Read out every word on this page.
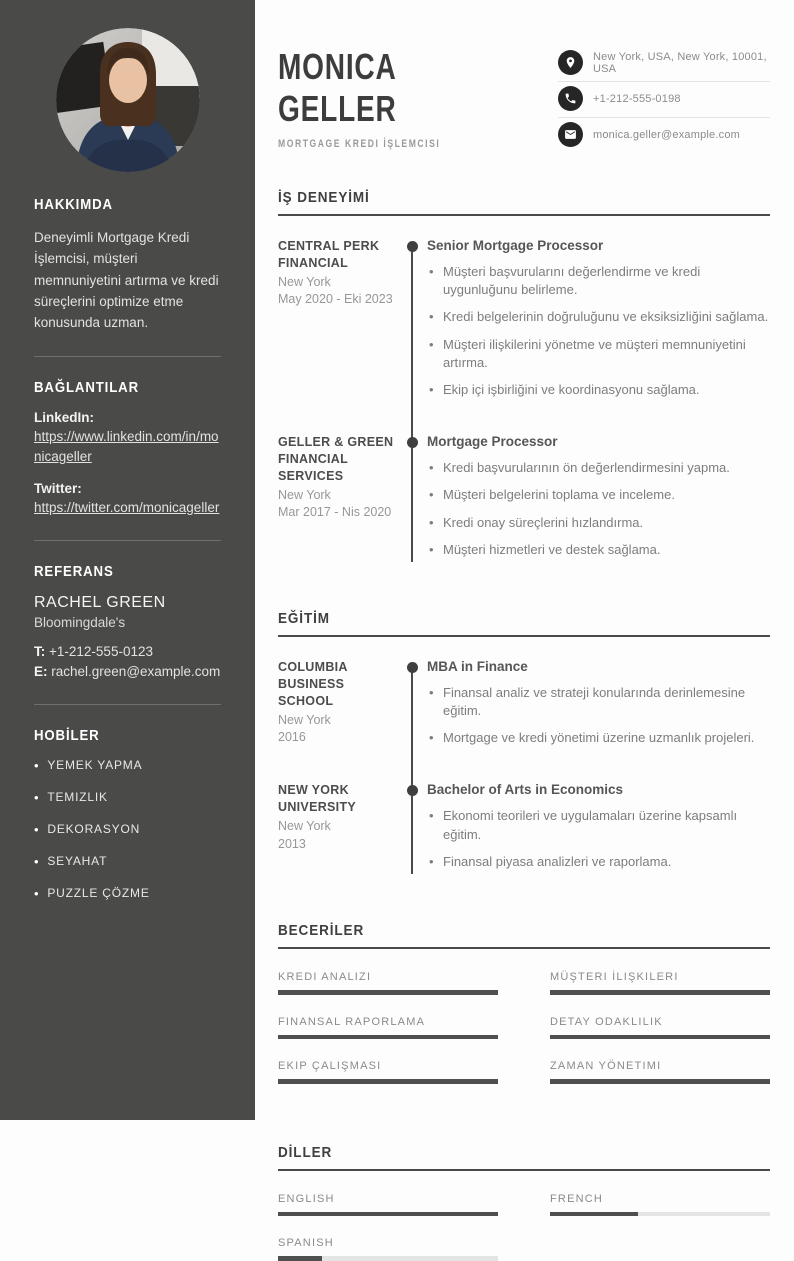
HAKKIMDA

Deneyimli Mortgage Kredi İşlemcisi, müşteri memnuniyetini artırma ve kredi süreçlerini optimize etme konusunda uzman.

BAĞLANTILAR
LinkedIn:
https://www.linkedin.com/in/monicageller
Twitter:
https://twitter.com/monicageller
REFERANS
RACHEL GREEN
Bloomingdale's
T: +1-212-555-0123
E: rachel.green@example.com
HOBİLER
• YEMEK YAPMA
• TEMIZLIK
• DEKORASYON
• SEYAHAT
• PUZZLE ÇÖZME
MONICA
GELLER
MORTGAGE KREDI İŞLEMCISI
New York, USA, New York, 10001, USA
+1-212-555-0198
monica.geller@example.com
İŞ DENEYİMİ
CENTRAL PERK FINANCIAL
New York
May 2020 - Eki 2023
Senior Mortgage Processor
• Müşteri başvurularını değerlendirme ve kredi uygunluğunu belirleme.
• Kredi belgelerinin doğruluğunu ve eksiksizliğini sağlama.
• Müşteri ilişkilerini yönetme ve müşteri memnuniyetini artırma.
• Ekip içi işbirliğini ve koordinasyonu sağlama.
GELLER & GREEN FINANCIAL SERVICES
New York
Mar 2017 - Nis 2020
Mortgage Processor
• Kredi başvurularının ön değerlendirmesini yapma.
• Müşteri belgelerini toplama ve inceleme.
• Kredi onay süreçlerini hızlandırma.
• Müşteri hizmetleri ve destek sağlama.
EĞİTİM
COLUMBIA BUSINESS SCHOOL
New York
2016
MBA in Finance
• Finansal analiz ve strateji konularında derinlemesine eğitim.
• Mortgage ve kredi yönetimi üzerine uzmanlık projeleri.
NEW YORK UNIVERSITY
New York
2013
Bachelor of Arts in Economics
• Ekonomi teorileri ve uygulamaları üzerine kapsamlı eğitim.
• Finansal piyasa analizleri ve raporlama.
BECERİLER
KREDI ANALIZI	MÜŞTERI İLIŞKILERI
FINANSAL RAPORLAMA	DETAY ODAKLILIK
EKIP ÇALIŞMASI	ZAMAN YÖNETIMI
DİLLER
ENGLISH	FRENCH
SPANISH
